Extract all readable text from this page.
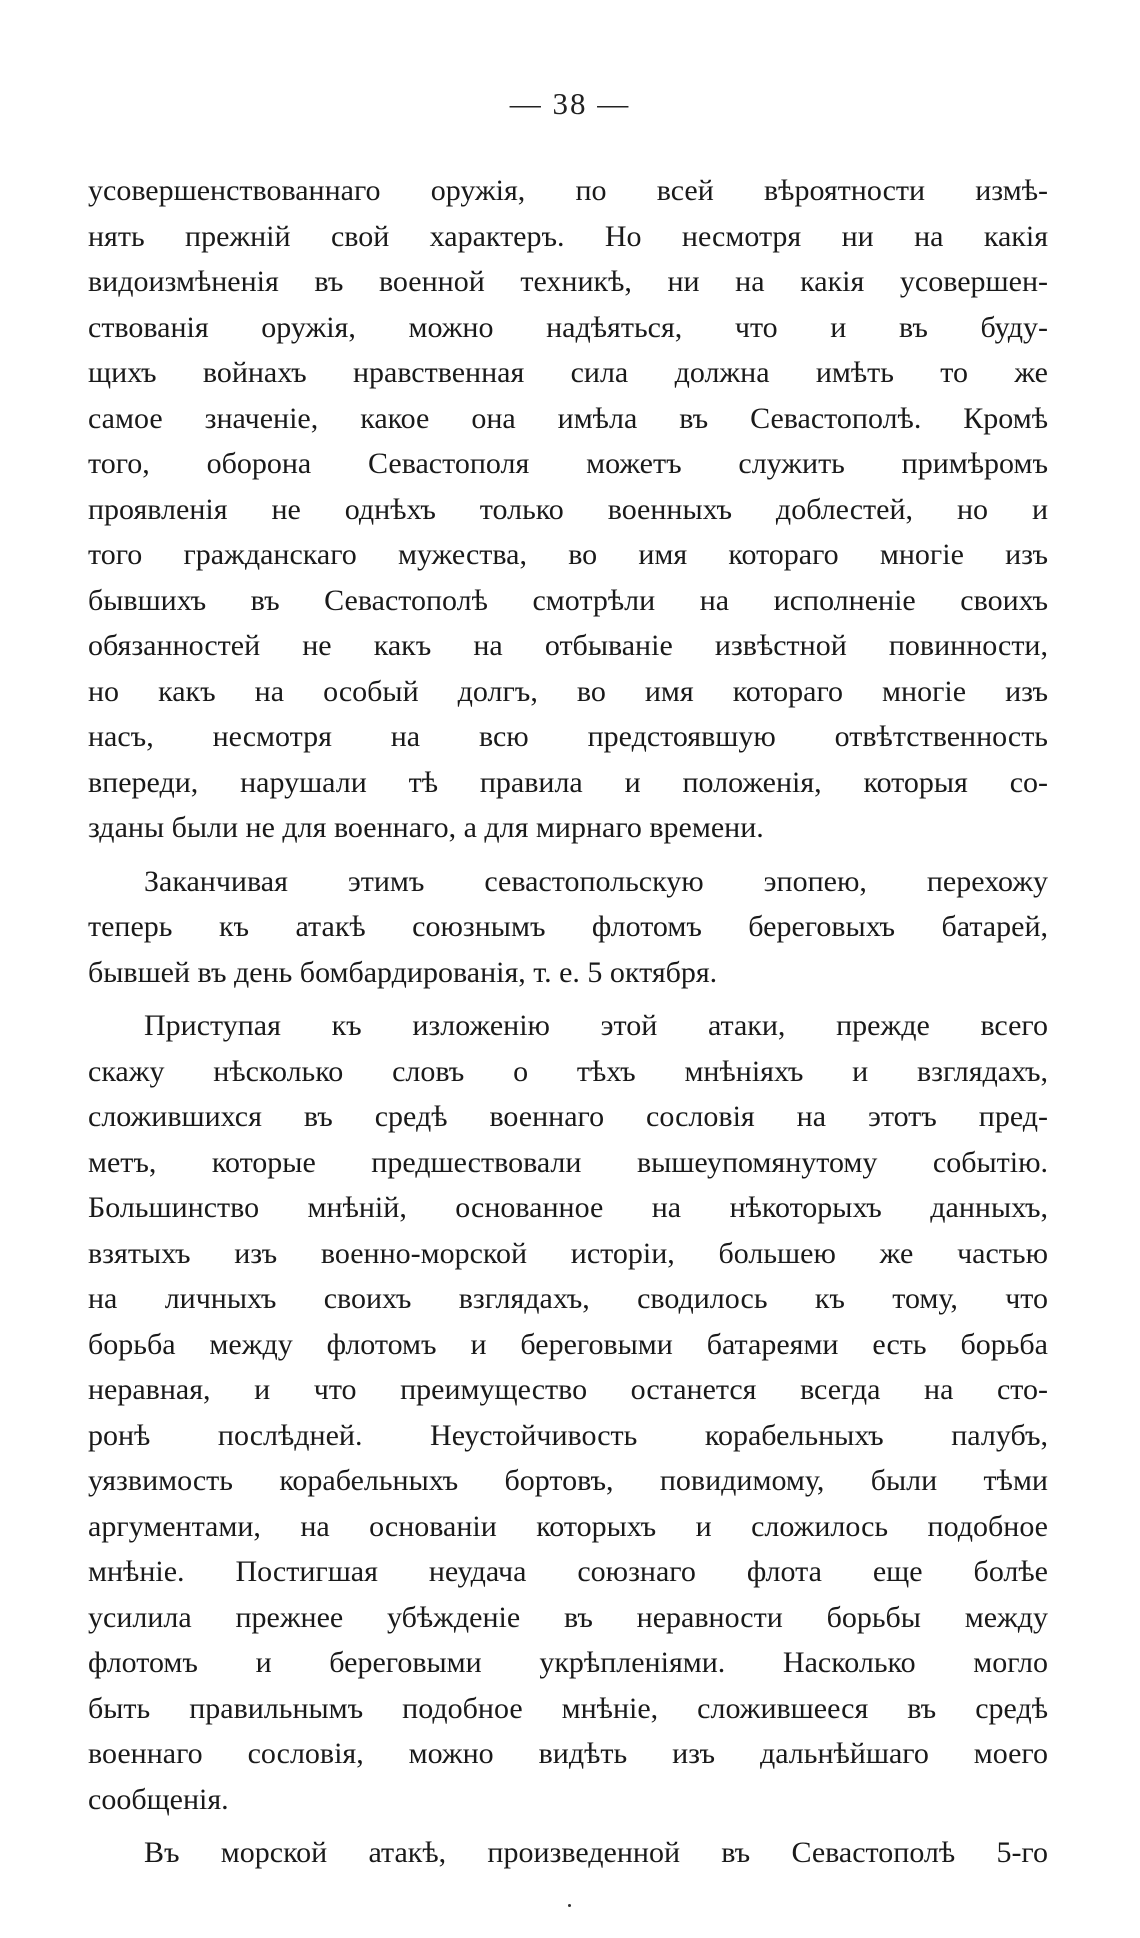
— 38 —
усовершенствованнаго оружія, по всей вѣроятности измѣ-
нять прежній свой характеръ. Но несмотря ни на какія
видоизмѣненія въ военной техникѣ, ни на какія усовершен-
ствованія оружія, можно надѣяться, что и въ буду-
щихъ войнахъ нравственная сила должна имѣть то же
самое значеніе, какое она имѣла въ Севастополѣ. Кромѣ
того, оборона Севастополя можетъ служить примѣромъ
проявленія не однѣхъ только военныхъ доблестей, но и
того гражданскаго мужества, во имя котораго многіе изъ
бывшихъ въ Севастополѣ смотрѣли на исполненіе своихъ
обязанностей не какъ на отбываніе извѣстной повинности,
но какъ на особый долгъ, во имя котораго многіе изъ
насъ, несмотря на всю предстоявшую отвѣтственность
впереди, нарушали тѣ правила и положенія, которыя со-
зданы были не для военнаго, а для мирнаго времени.
Заканчивая этимъ севастопольскую эпопею, перехожу
теперь къ атакѣ союзнымъ флотомъ береговыхъ батарей,
бывшей въ день бомбардированія, т. е. 5 октября.
Приступая къ изложенію этой атаки, прежде всего
скажу нѣсколько словъ о тѣхъ мнѣніяхъ и взглядахъ,
сложившихся въ средѣ военнаго сословія на этотъ пред-
метъ, которые предшествовали вышеупомянутому событію.
Большинство мнѣній, основанное на нѣкоторыхъ данныхъ,
взятыхъ изъ военно-морской исторіи, большею же частью
на личныхъ своихъ взглядахъ, сводилось къ тому, что
борьба между флотомъ и береговыми батареями есть борьба
неравная, и что преимущество останется всегда на сто-
ронѣ послѣдней. Неустойчивость корабельныхъ палубъ,
уязвимость корабельныхъ бортовъ, повидимому, были тѣми
аргументами, на основаніи которыхъ и сложилось подобное
мнѣніе. Постигшая неудача союзнаго флота еще болѣе
усилила прежнее убѣжденіе въ неравности борьбы между
флотомъ и береговыми укрѣпленіями. Насколько могло
быть правильнымъ подобное мнѣніе, сложившееся въ средѣ
военнаго сословія, можно видѣть изъ дальнѣйшаго моего
сообщенія.
Въ морской атакѣ, произведенной въ Севастополѣ 5-го
